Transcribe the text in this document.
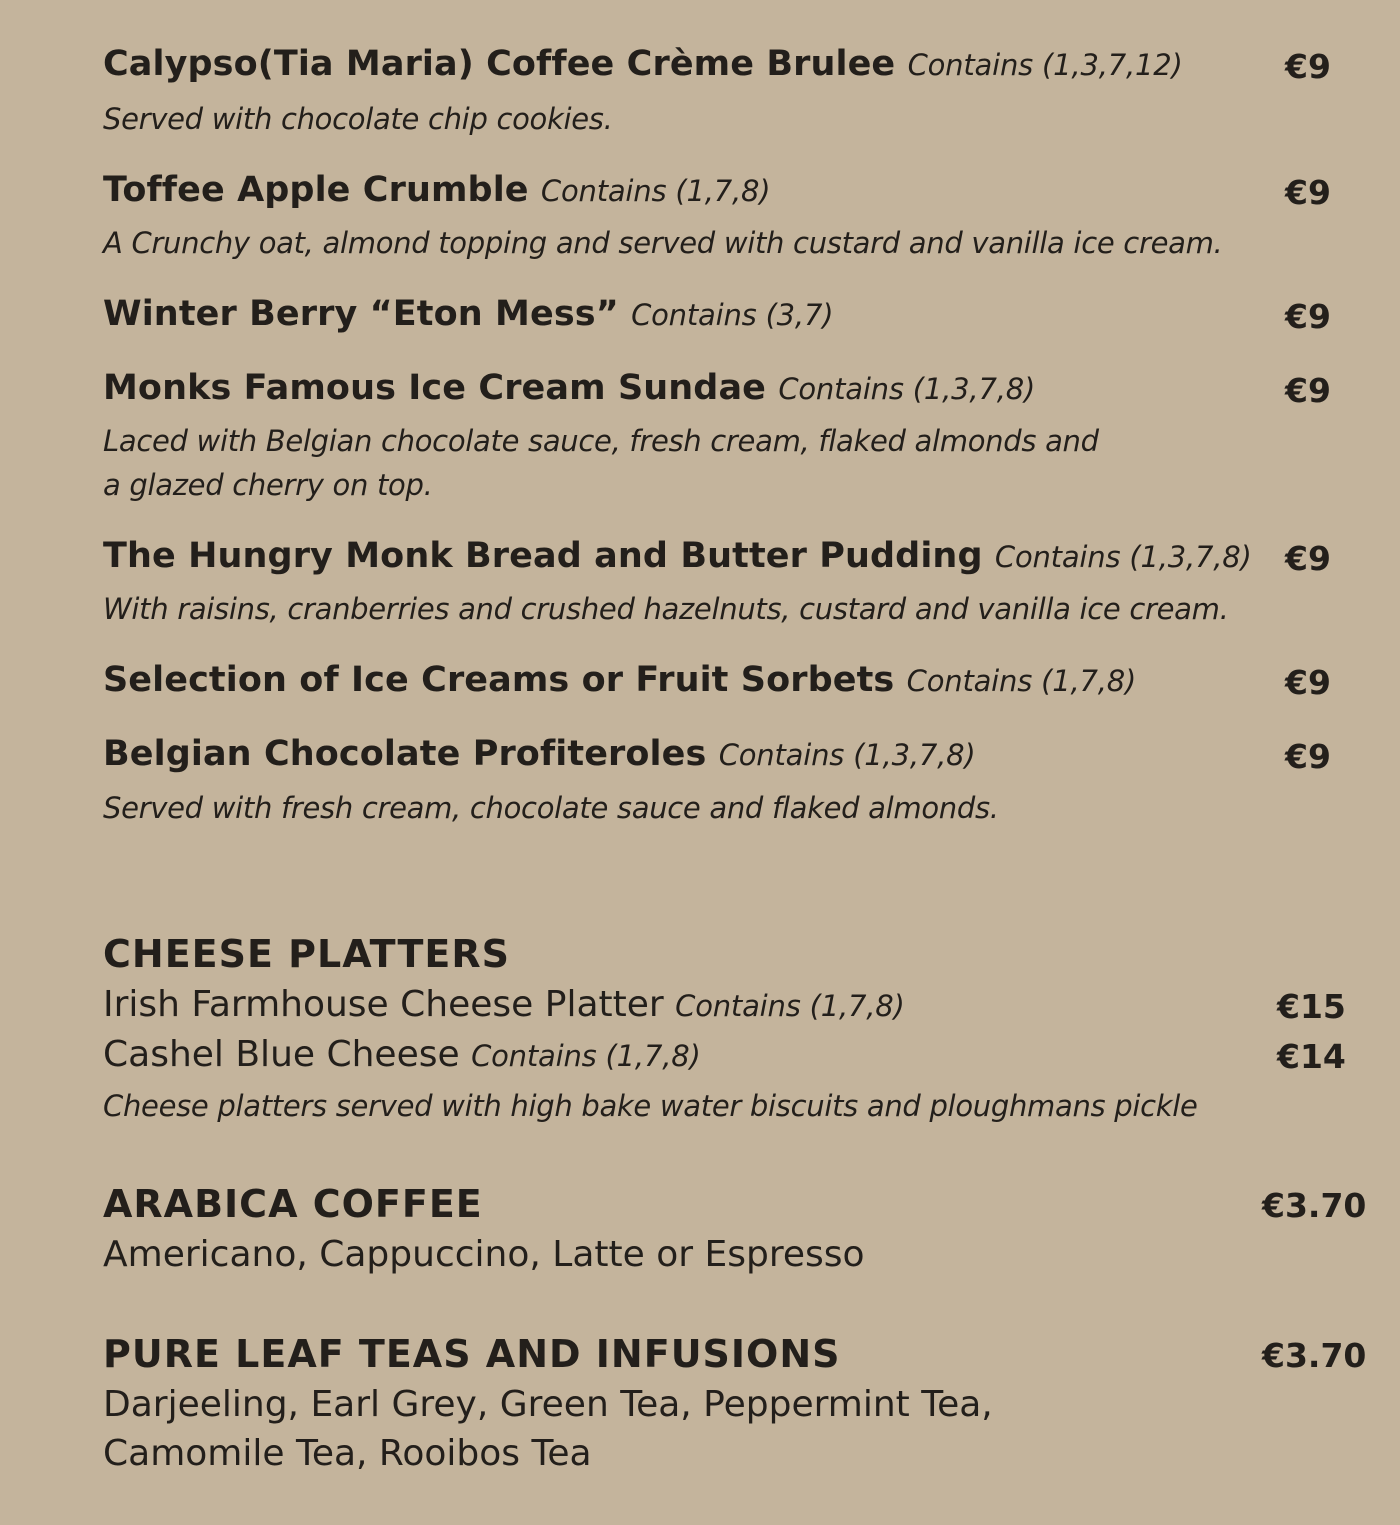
Calypso(Tia Maria) Coffee Crème Brulee Contains (1,3,7,12)	€9
Served with chocolate chip cookies.
Toffee Apple Crumble Contains (1,7,8)	€9
A Crunchy oat, almond topping and served with custard and vanilla ice cream.
Winter Berry “Eton Mess” Contains (3,7)	€9
Monks Famous Ice Cream Sundae Contains (1,3,7,8)	€9
Laced with Belgian chocolate sauce, fresh cream, flaked almonds and
a glazed cherry on top.
The Hungry Monk Bread and Butter Pudding Contains (1,3,7,8)	€9
With raisins, cranberries and crushed hazelnuts, custard and vanilla ice cream.
Selection of Ice Creams or Fruit Sorbets Contains (1,7,8)	€9
Belgian Chocolate Profiteroles Contains (1,3,7,8)	€9
Served with fresh cream, chocolate sauce and flaked almonds.
CHEESE PLATTERS
Irish Farmhouse Cheese Platter Contains (1,7,8)	€15
Cashel Blue Cheese Contains (1,7,8)	€14
Cheese platters served with high bake water biscuits and ploughmans pickle
ARABICA COFFEE	€3.70
Americano, Cappuccino, Latte or Espresso
PURE LEAF TEAS AND INFUSIONS	€3.70
Darjeeling, Earl Grey, Green Tea, Peppermint Tea,
Camomile Tea, Rooibos Tea
